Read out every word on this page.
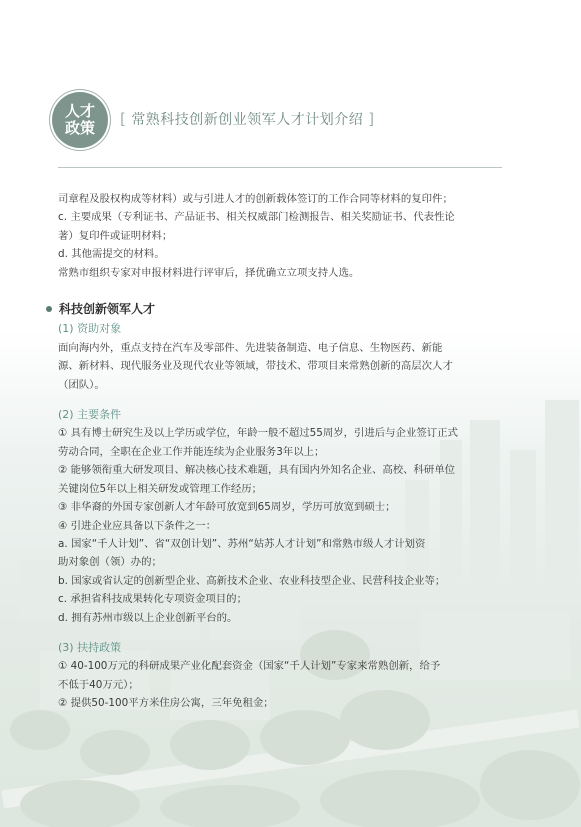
人才
政策 [ 常熟科技创新创业领军人才计划介绍 ]

司章程及股权构成等材料）或与引进人才的创新载体签订的工作合同等材料的复印件；

c. 主要成果（专利证书、产品证书、相关权威部门检测报告、相关奖励证书、代表性论

著）复印件或证明材料；

d. 其他需提交的材料。

常熟市组织专家对申报材料进行评审后，择优确立立项支持人选。

科技创新领军人才

(1) 资助对象

面向海内外，重点支持在汽车及零部件、先进装备制造、电子信息、生物医药、新能

源、新材料、现代服务业及现代农业等领域，带技术、带项目来常熟创新的高层次人才

（团队）。

(2) 主要条件

① 具有博士研究生及以上学历或学位，年龄一般不超过55周岁，引进后与企业签订正式

劳动合同，全职在企业工作并能连续为企业服务3年以上；

② 能够领衔重大研发项目、解决核心技术难题，具有国内外知名企业、高校、科研单位

关键岗位5年以上相关研发或管理工作经历；

③ 非华裔的外国专家创新人才年龄可放宽到65周岁，学历可放宽到硕士；

④ 引进企业应具备以下条件之一：

a. 国家“千人计划”、省“双创计划”、苏州“姑苏人才计划”和常熟市级人才计划资

助对象创（领）办的；

b. 国家或省认定的创新型企业、高新技术企业、农业科技型企业、民营科技企业等；

c. 承担省科技成果转化专项资金项目的；

d. 拥有苏州市级以上企业创新平台的。

(3) 扶持政策

① 40-100万元的科研成果产业化配套资金（国家“千人计划”专家来常熟创新，给予

不低于40万元）；

② 提供50-100平方米住房公寓，三年免租金；
